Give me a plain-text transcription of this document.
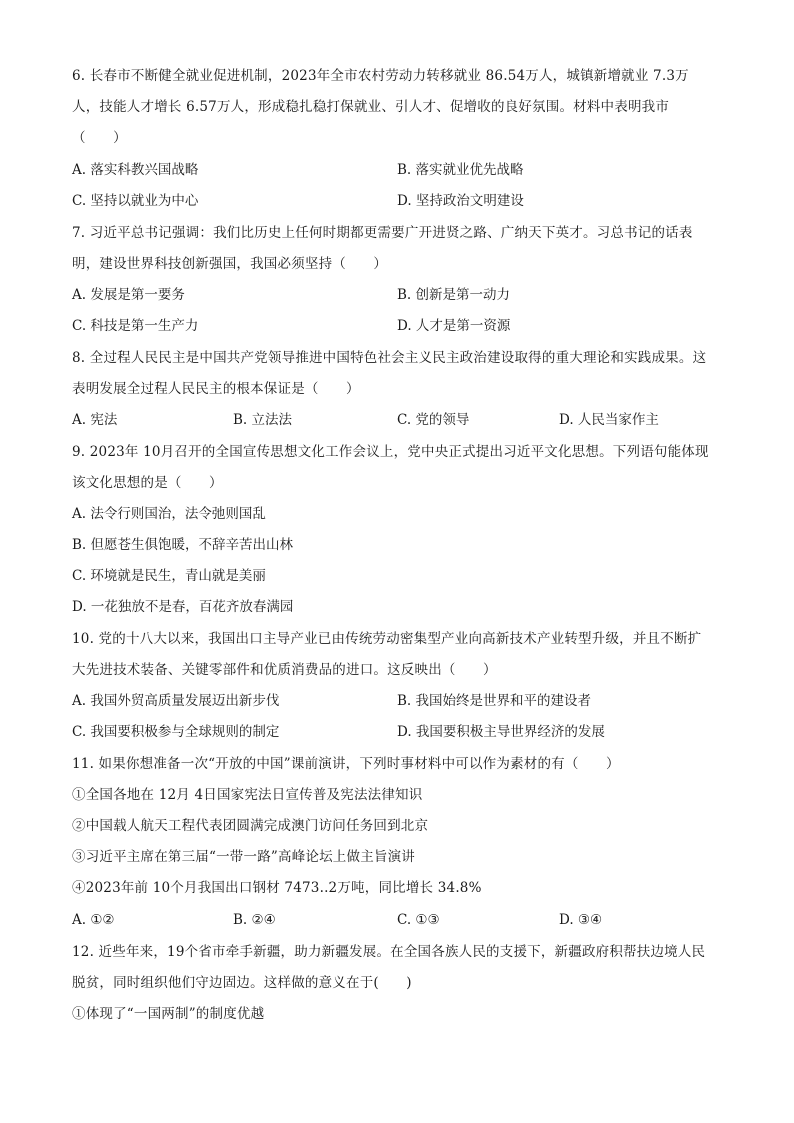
6. 长春市不断健全就业促进机制，2023年全市农村劳动力转移就业 86.54万人，城镇新增就业 7.3万
人，技能人才增长 6.57万人，形成稳扎稳打保就业、引人才、促增收的良好氛围。材料中表明我市
（　　）
A. 落实科教兴国战略	B. 落实就业优先战略
C. 坚持以就业为中心	D. 坚持政治文明建设
7. 习近平总书记强调：我们比历史上任何时期都更需要广开进贤之路、广纳天下英才。习总书记的话表
明，建设世界科技创新强国，我国必须坚持（　　）
A. 发展是第一要务	B. 创新是第一动力
C. 科技是第一生产力	D. 人才是第一资源
8. 全过程人民民主是中国共产党领导推进中国特色社会主义民主政治建设取得的重大理论和实践成果。这
表明发展全过程人民民主的根本保证是（　　）
A. 宪法	B. 立法法	C. 党的领导	D. 人民当家作主
9. 2023年 10月召开的全国宣传思想文化工作会议上，党中央正式提出习近平文化思想。下列语句能体现
该文化思想的是（　　）
A. 法令行则国治，法令弛则国乱
B. 但愿苍生俱饱暖，不辞辛苦出山林
C. 环境就是民生，青山就是美丽
D. 一花独放不是春，百花齐放春满园
10. 党的十八大以来，我国出口主导产业已由传统劳动密集型产业向高新技术产业转型升级，并且不断扩
大先进技术装备、关键零部件和优质消费品的进口。这反映出（　　）
A. 我国外贸高质量发展迈出新步伐	B. 我国始终是世界和平的建设者
C. 我国要积极参与全球规则的制定	D. 我国要积极主导世界经济的发展
11. 如果你想准备一次“开放的中国”课前演讲，下列时事材料中可以作为素材的有（　　）
①全国各地在 12月 4日国家宪法日宣传普及宪法法律知识
②中国载人航天工程代表团圆满完成澳门访问任务回到北京
③习近平主席在第三届“一带一路”高峰论坛上做主旨演讲
④2023年前 10个月我国出口钢材 7473..2万吨，同比增长 34.8%
A. ①②	B. ②④	C. ①③	D. ③④
12. 近些年来，19个省市牵手新疆，助力新疆发展。在全国各族人民的支援下，新疆政府积帮扶边境人民
脱贫，同时组织他们守边固边。这样做的意义在于(　　)
①体现了“一国两制”的制度优越
